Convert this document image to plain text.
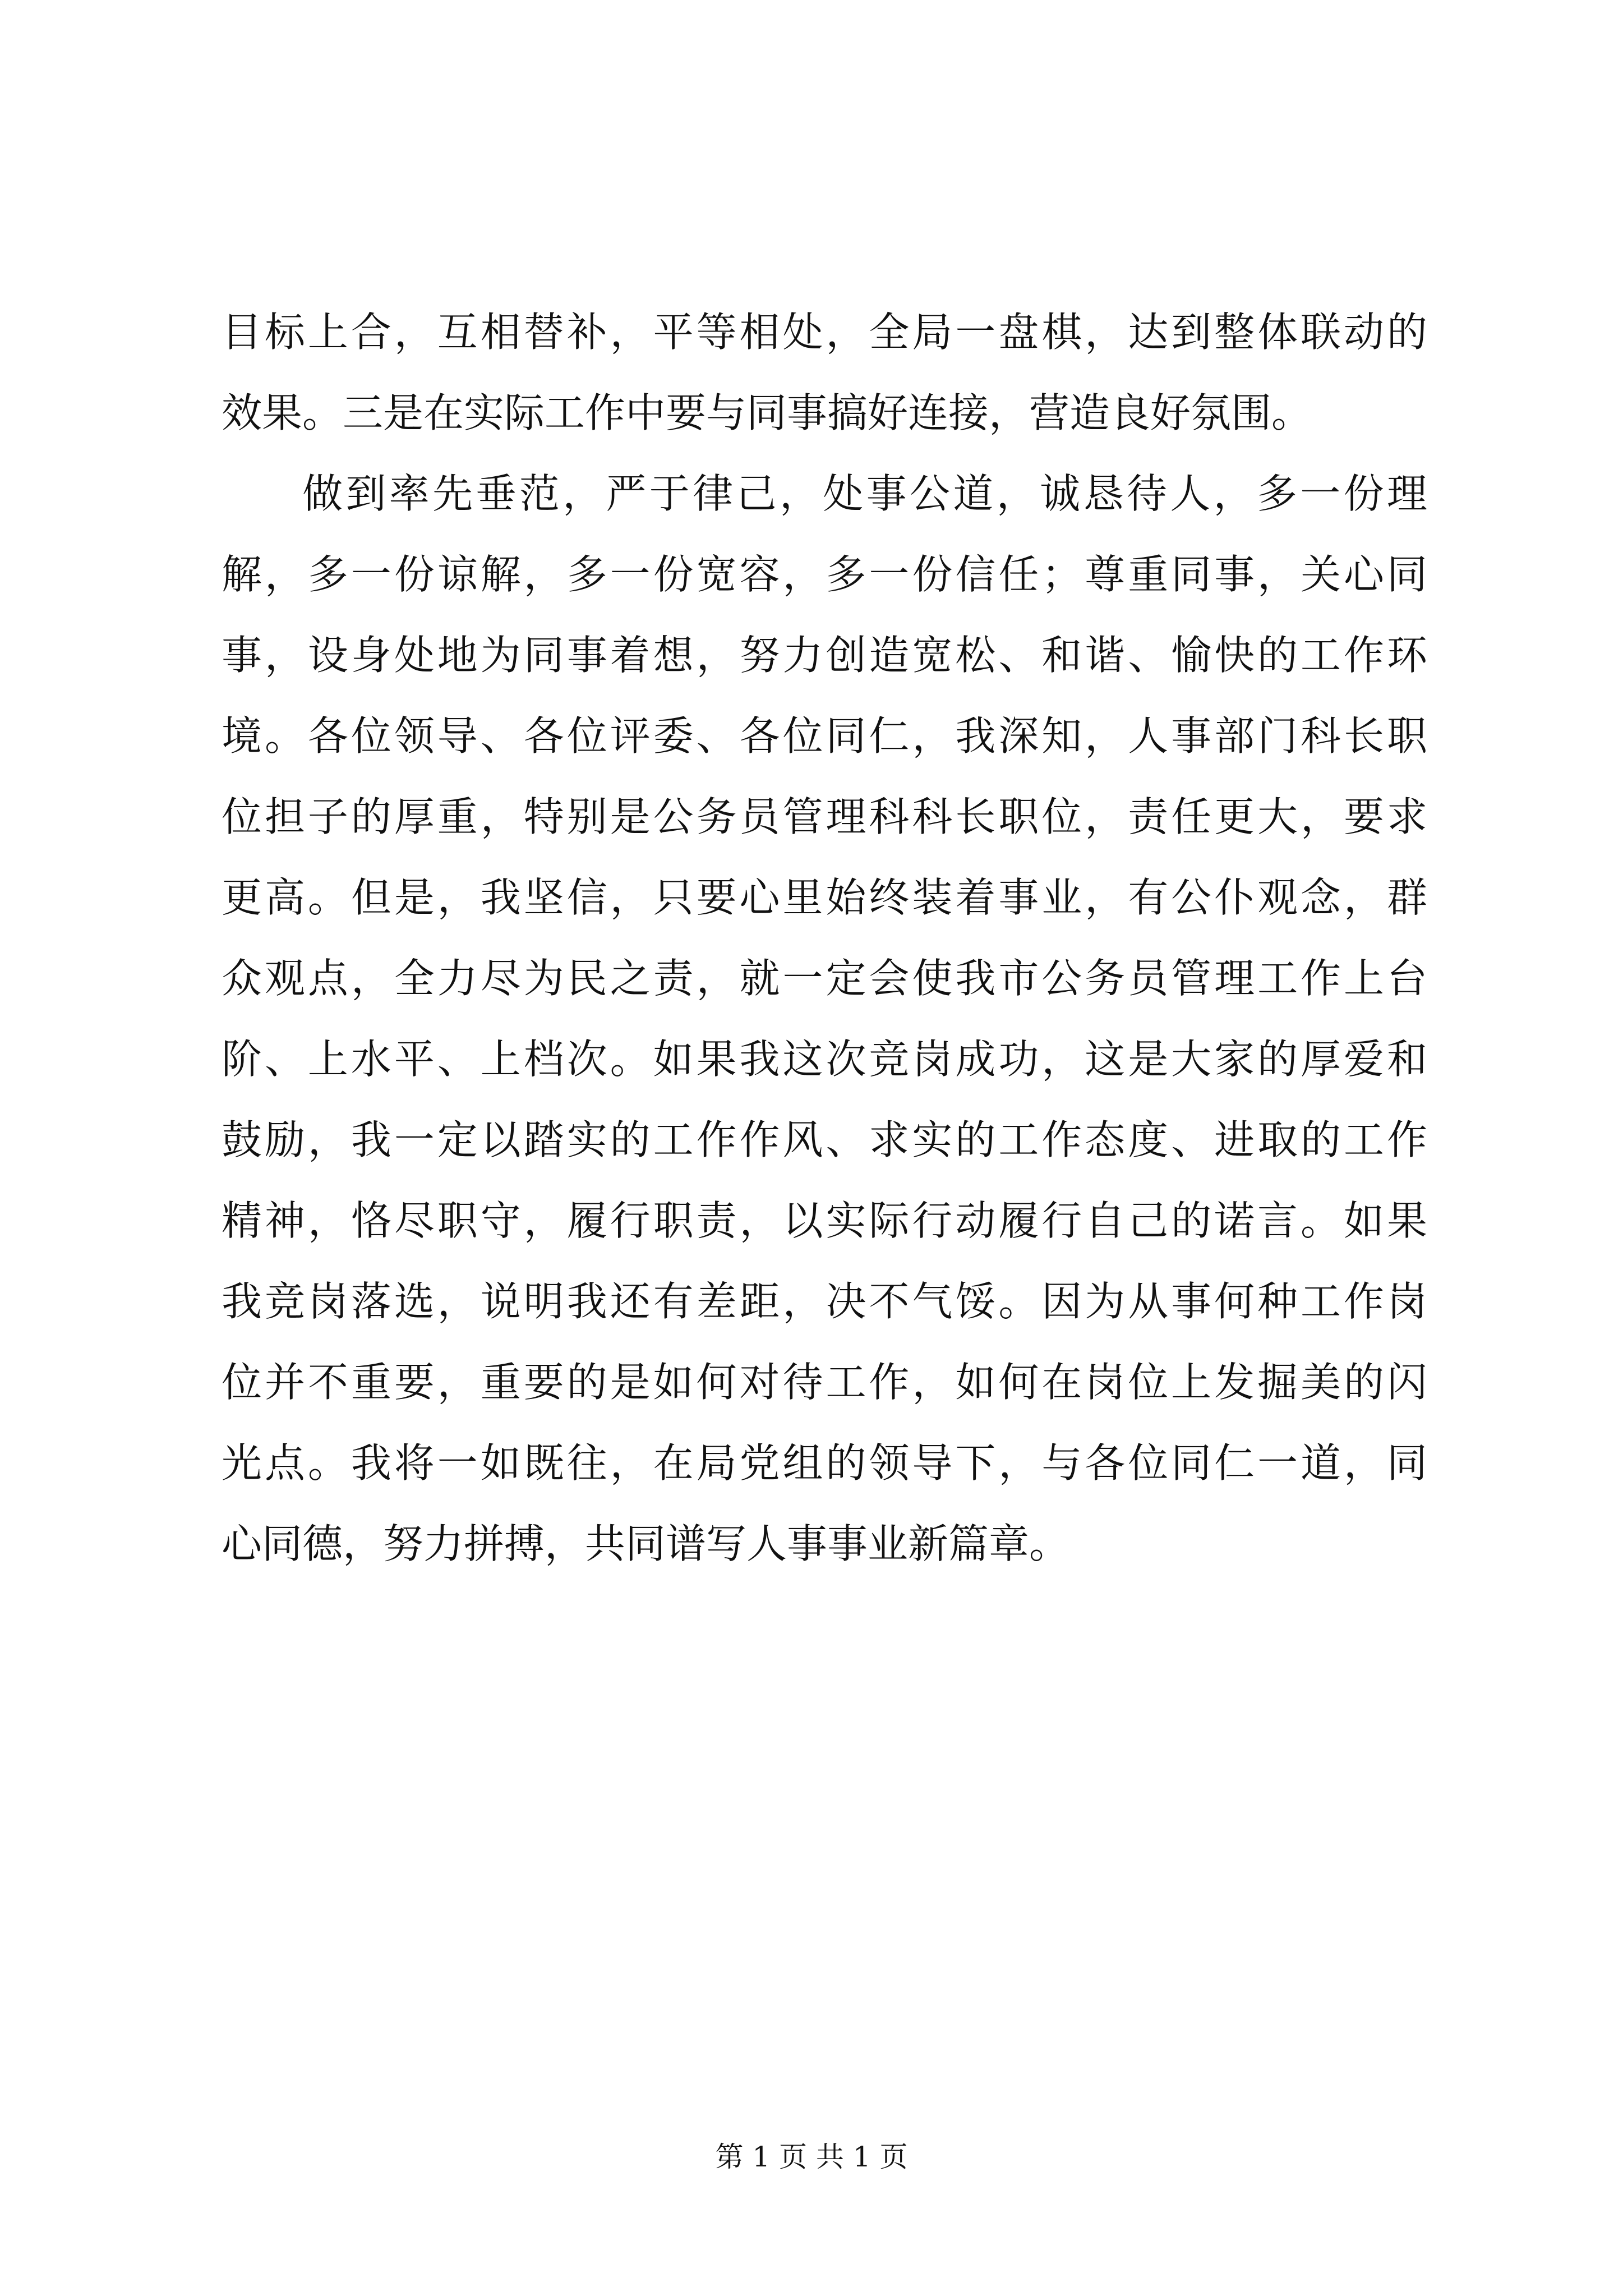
目标上合，互相替补，平等相处，全局一盘棋，达到整体联动的
效果。三是在实际工作中要与同事搞好连接，营造良好氛围。
做到率先垂范，严于律己，处事公道，诚恳待人，多一份理
解，多一份谅解，多一份宽容，多一份信任；尊重同事，关心同
事，设身处地为同事着想，努力创造宽松、和谐、愉快的工作环
境。各位领导、各位评委、各位同仁，我深知，人事部门科长职
位担子的厚重，特别是公务员管理科科长职位，责任更大，要求
更高。但是，我坚信，只要心里始终装着事业，有公仆观念，群
众观点，全力尽为民之责，就一定会使我市公务员管理工作上台
阶、上水平、上档次。如果我这次竞岗成功，这是大家的厚爱和
鼓励，我一定以踏实的工作作风、求实的工作态度、进取的工作
精神，恪尽职守，履行职责，以实际行动履行自己的诺言。如果
我竞岗落选，说明我还有差距，决不气馁。因为从事何种工作岗
位并不重要，重要的是如何对待工作，如何在岗位上发掘美的闪
光点。我将一如既往，在局党组的领导下，与各位同仁一道，同
心同德，努力拼搏，共同谱写人事事业新篇章。
第 1 页 共 1 页
